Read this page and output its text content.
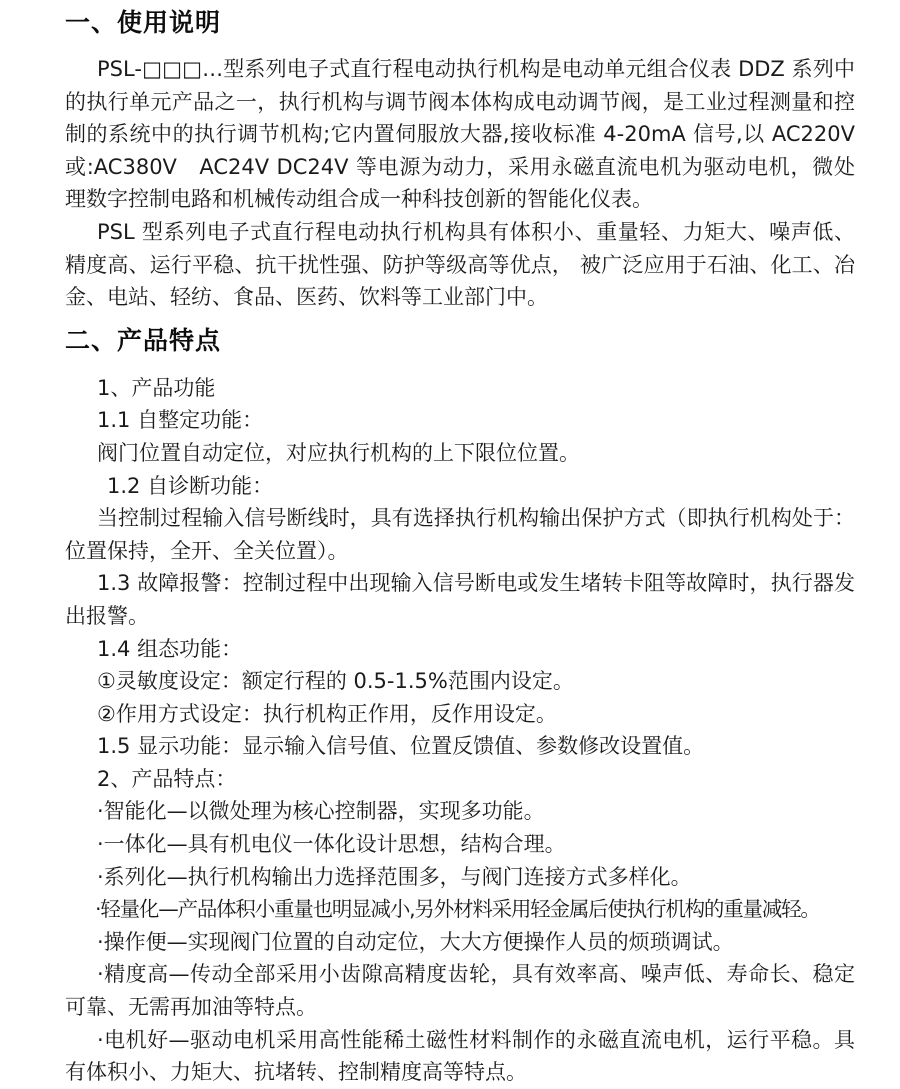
一、使用说明

PSL-□□□…型系列电子式直行程电动执行机构是电动单元组合仪表 DDZ 系列中的执行单元产品之一，执行机构与调节阀本体构成电动调节阀，是工业过程测量和控制的系统中的执行调节机构;它内置伺服放大器,接收标准 4-20mA 信号,以 AC220V 或:AC380V　AC24V DC24V 等电源为动力，采用永磁直流电机为驱动电机，微处理数字控制电路和机械传动组合成一种科技创新的智能化仪表。

PSL 型系列电子式直行程电动执行机构具有体积小、重量轻、力矩大、噪声低、精度高、运行平稳、抗干扰性强、防护等级高等优点， 被广泛应用于石油、化工、冶金、电站、轻纺、食品、医药、饮料等工业部门中。

二、产品特点

1、产品功能

1.1 自整定功能：

阀门位置自动定位，对应执行机构的上下限位位置。

1.2 自诊断功能：

当控制过程输入信号断线时，具有选择执行机构输出保护方式（即执行机构处于：位置保持，全开、全关位置）。

1.3 故障报警：控制过程中出现输入信号断电或发生堵转卡阻等故障时，执行器发出报警。

1.4 组态功能：

①灵敏度设定：额定行程的 0.5-1.5%范围内设定。

②作用方式设定：执行机构正作用，反作用设定。

1.5 显示功能：显示输入信号值、位置反馈值、参数修改设置值。

2、产品特点：

·智能化—以微处理为核心控制器，实现多功能。

·一体化—具有机电仪一体化设计思想，结构合理。

·系列化—执行机构输出力选择范围多，与阀门连接方式多样化。

·轻量化—产品体积小重量也明显减小,另外材料采用轻金属后使执行机构的重量减轻。

·操作便—实现阀门位置的自动定位，大大方便操作人员的烦琐调试。

·精度高—传动全部采用小齿隙高精度齿轮，具有效率高、噪声低、寿命长、稳定可靠、无需再加油等特点。

·电机好—驱动电机采用高性能稀土磁性材料制作的永磁直流电机，运行平稳。具有体积小、力矩大、抗堵转、控制精度高等特点。
